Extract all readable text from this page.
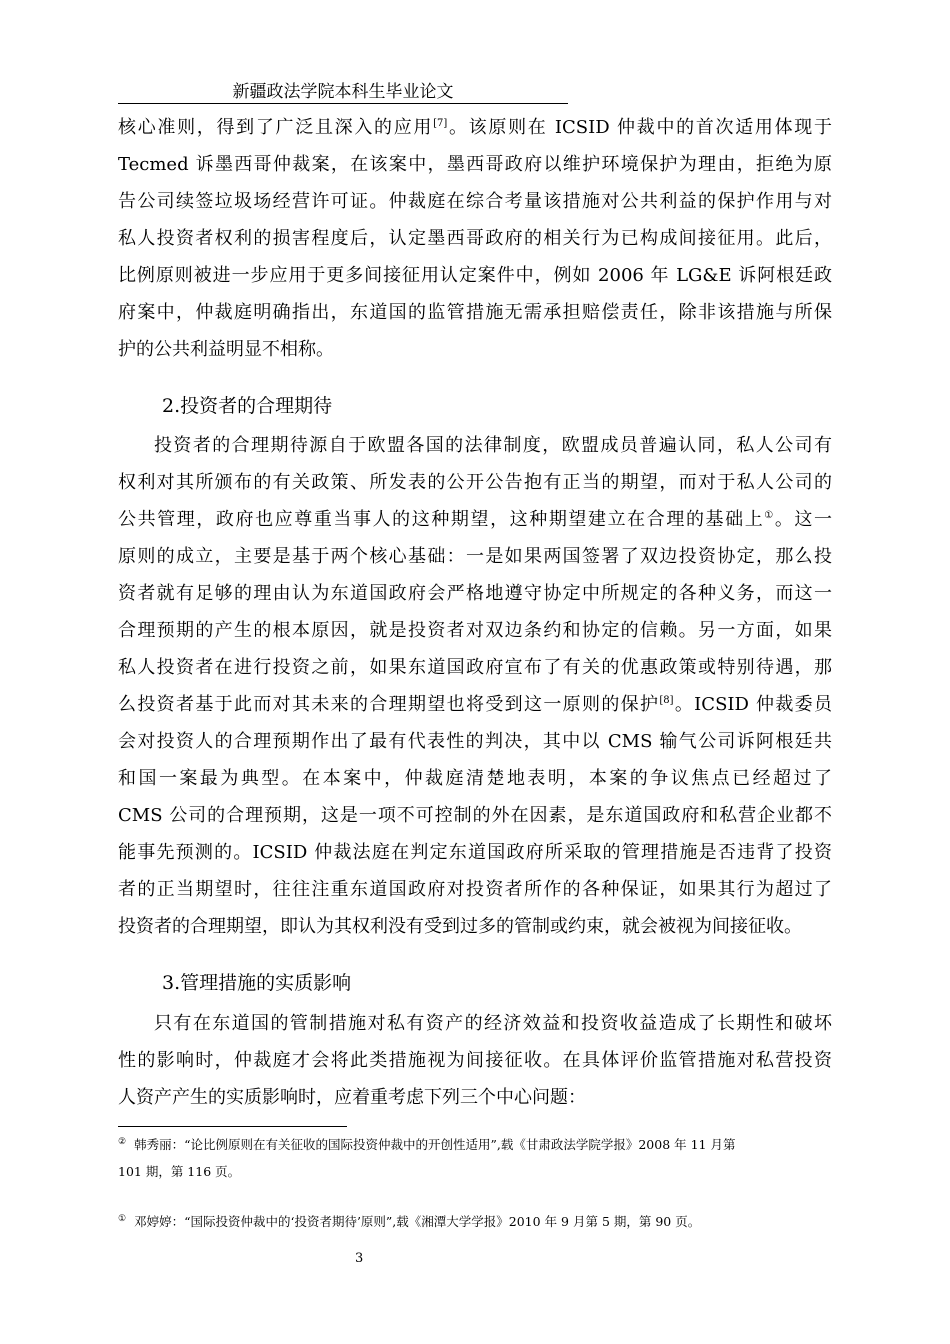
新疆政法学院本科生毕业论文
核心准则，得到了广泛且深入的应用[7]。该原则在 ICSID 仲裁中的首次适用体现于
Tecmed 诉墨西哥仲裁案，在该案中，墨西哥政府以维护环境保护为理由，拒绝为原
告公司续签垃圾场经营许可证。仲裁庭在综合考量该措施对公共利益的保护作用与对
私人投资者权利的损害程度后，认定墨西哥政府的相关行为已构成间接征用。此后，
比例原则被进一步应用于更多间接征用认定案件中，例如 2006 年 LG&E 诉阿根廷政
府案中，仲裁庭明确指出，东道国的监管措施无需承担赔偿责任，除非该措施与所保
护的公共利益明显不相称。
2.投资者的合理期待
投资者的合理期待源自于欧盟各国的法律制度，欧盟成员普遍认同，私人公司有
权利对其所颁布的有关政策、所发表的公开公告抱有正当的期望，而对于私人公司的
公共管理，政府也应尊重当事人的这种期望，这种期望建立在合理的基础上①。这一
原则的成立，主要是基于两个核心基础：一是如果两国签署了双边投资协定，那么投
资者就有足够的理由认为东道国政府会严格地遵守协定中所规定的各种义务，而这一
合理预期的产生的根本原因，就是投资者对双边条约和协定的信赖。另一方面，如果
私人投资者在进行投资之前，如果东道国政府宣布了有关的优惠政策或特别待遇，那
么投资者基于此而对其未来的合理期望也将受到这一原则的保护[8]。ICSID 仲裁委员
会对投资人的合理预期作出了最有代表性的判决，其中以 CMS 输气公司诉阿根廷共
和国一案最为典型。在本案中，仲裁庭清楚地表明，本案的争议焦点已经超过了
CMS 公司的合理预期，这是一项不可控制的外在因素，是东道国政府和私营企业都不
能事先预测的。ICSID 仲裁法庭在判定东道国政府所采取的管理措施是否违背了投资
者的正当期望时，往往注重东道国政府对投资者所作的各种保证，如果其行为超过了
投资者的合理期望，即认为其权利没有受到过多的管制或约束，就会被视为间接征收。
3.管理措施的实质影响
只有在东道国的管制措施对私有资产的经济效益和投资收益造成了长期性和破坏
性的影响时，仲裁庭才会将此类措施视为间接征收。在具体评价监管措施对私营投资
人资产产生的实质影响时，应着重考虑下列三个中心问题：
② 韩秀丽：“论比例原则在有关征收的国际投资仲裁中的开创性适用”,载《甘肃政法学院学报》2008 年 11 月第
101 期，第 116 页。
① 邓婷婷：“国际投资仲裁中的‘投资者期待’原则”,载《湘潭大学学报》2010 年 9 月第 5 期，第 90 页。
3
